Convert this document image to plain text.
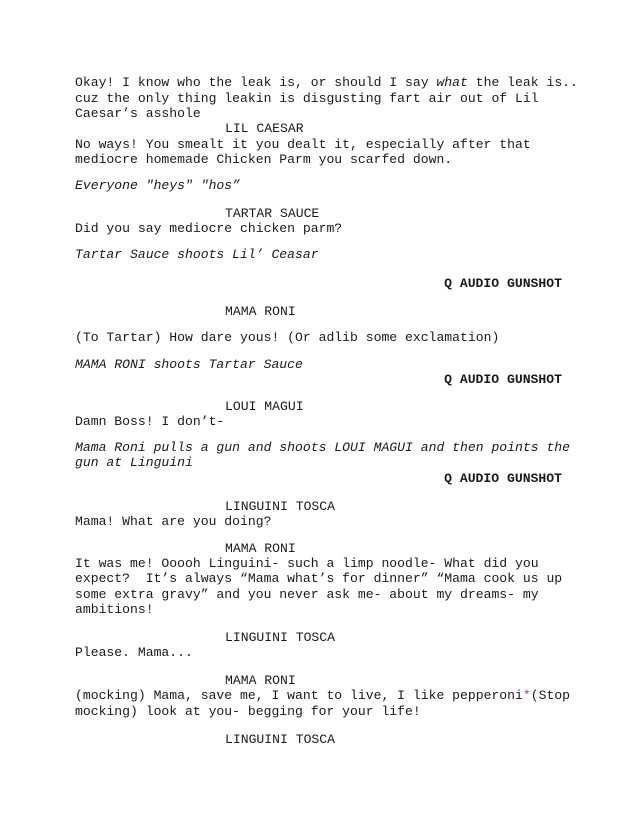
Okay! I know who the leak is, or should I say what the leak is..
cuz the only thing leakin is disgusting fart air out of Lil
Caesar’s asshole
LIL CAESAR
No ways! You smealt it you dealt it, especially after that
mediocre homemade Chicken Parm you scarfed down.
Everyone "heys" "hos”
TARTAR SAUCE
Did you say mediocre chicken parm?
Tartar Sauce shoots Lil’ Ceasar
Q AUDIO GUNSHOT
MAMA RONI
(To Tartar) How dare yous! (Or adlib some exclamation)
MAMA RONI shoots Tartar Sauce
Q AUDIO GUNSHOT
LOUI MAGUI
Damn Boss! I don’t-
Mama Roni pulls a gun and shoots LOUI MAGUI and then points the
gun at Linguini
Q AUDIO GUNSHOT
LINGUINI TOSCA
Mama! What are you doing?
MAMA RONI
It was me! Ooooh Linguini- such a limp noodle- What did you
expect?  It’s always “Mama what’s for dinner” “Mama cook us up
some extra gravy” and you never ask me- about my dreams- my
ambitions!
LINGUINI TOSCA
Please. Mama...
MAMA RONI
(mocking) Mama, save me, I want to live, I like pepperoni*(Stop
mocking) look at you- begging for your life!
LINGUINI TOSCA
